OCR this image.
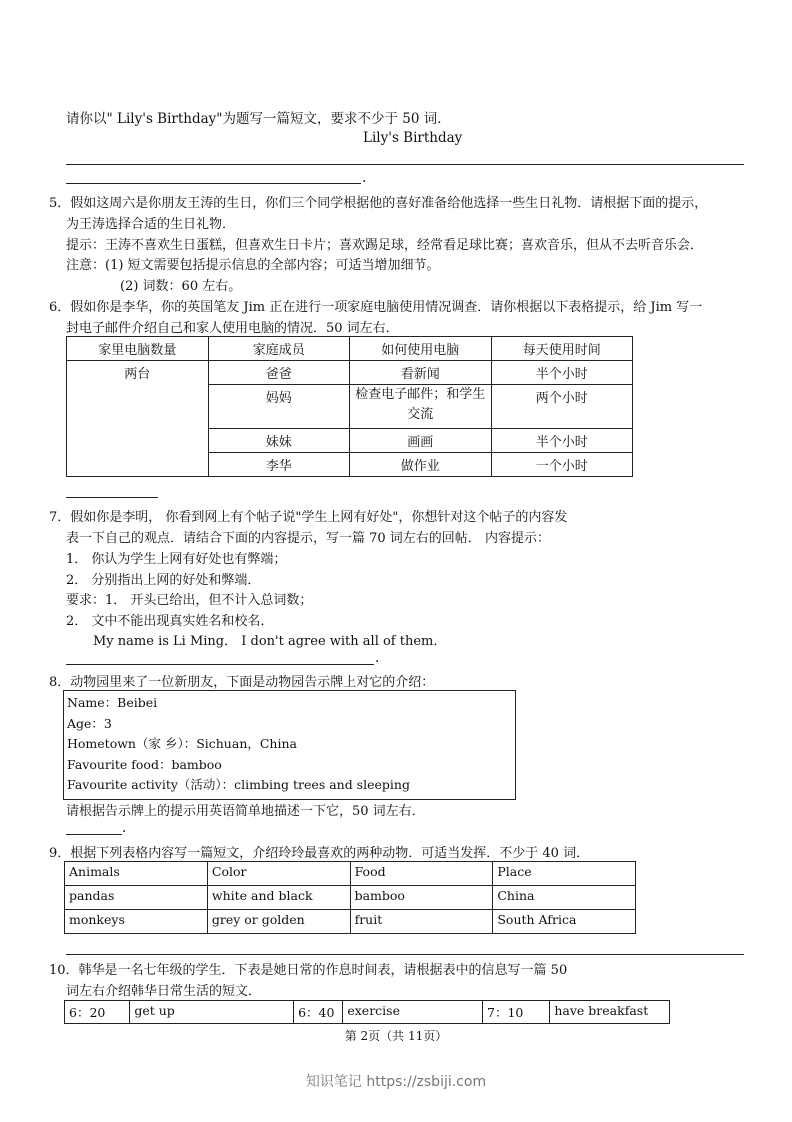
请你以" Lily's Birthday"为题写一篇短文，要求不少于 50 词．
Lily's Birthday
.
5．假如这周六是你朋友王涛的生日，你们三个同学根据他的喜好准备给他选择一些生日礼物．请根据下面的提示，
为王涛选择合适的生日礼物．
提示：王涛不喜欢生日蛋糕，但喜欢生日卡片；喜欢踢足球，经常看足球比赛；喜欢音乐，但从不去听音乐会．
注意：(1) 短文需要包括提示信息的全部内容；可适当增加细节。
(2) 词数：60 左右。
6．假如你是李华，你的英国笔友 Jim 正在进行一项家庭电脑使用情况调查．请你根据以下表格提示，给 Jim 写一
封电子邮件介绍自己和家人使用电脑的情况．50 词左右．
家里电脑数量	家庭成员	如何使用电脑	每天使用时间
两台	爸爸	看新闻	半个小时
	妈妈	检查电子邮件；和学生交流	两个小时
	妹妹	画画	半个小时
	李华	做作业	一个小时
7．假如你是李明， 你看到网上有个帖子说"学生上网有好处"，你想针对这个帖子的内容发
表一下自己的观点．请结合下面的内容提示，写一篇 70 词左右的回帖． 内容提示：
1． 你认为学生上网有好处也有弊端；
2． 分别指出上网的好处和弊端．
要求：1． 开头已给出，但不计入总词数；
2． 文中不能出现真实姓名和校名．
My name is Li Ming． I don't agree with all of them．
.
8．动物园里来了一位新朋友，下面是动物园告示牌上对它的介绍：
Name：Beibei
Age：3
Hometown（家 乡）：Sichuan，China
Favourite food：bamboo
Favourite activity（活动）：climbing trees and sleeping
请根据告示牌上的提示用英语简单地描述一下它，50 词左右．
.
9．根据下列表格内容写一篇短文，介绍玲玲最喜欢的两种动物．可适当发挥．不少于 40 词．
Animals	Color	Food	Place
pandas	white and black	bamboo	China
monkeys	grey or golden	fruit	South Africa
10．韩华是一名七年级的学生．下表是她日常的作息时间表，请根据表中的信息写一篇 50
词左右介绍韩华日常生活的短文．
6：20	get up	6：40	exercise	7：10	have breakfast
第 2页（共 11页）
知识笔记 https://zsbiji.com
